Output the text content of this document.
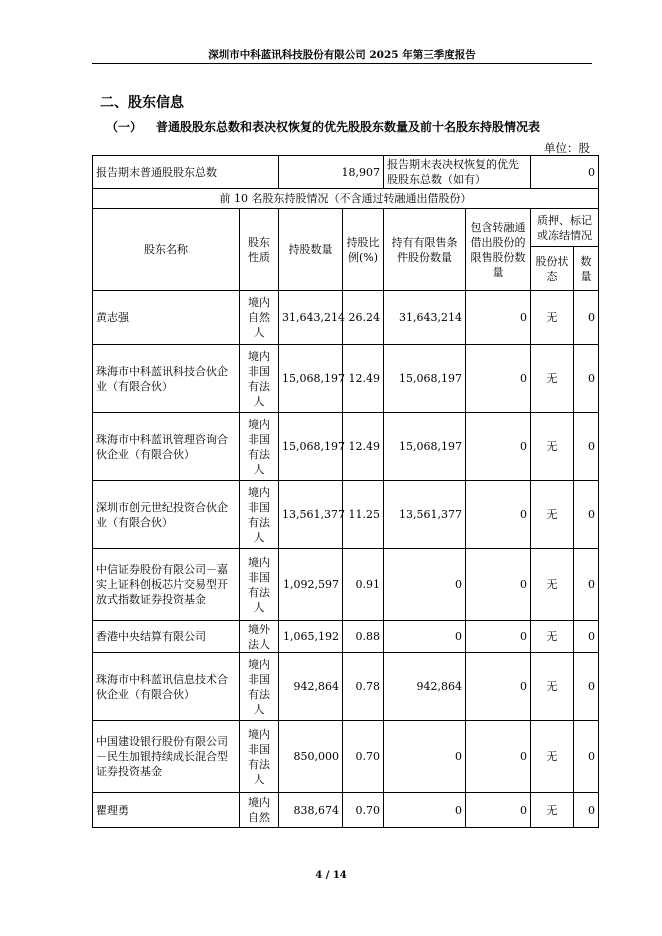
深圳市中科蓝讯科技股份有限公司 2025 年第三季度报告
二、股东信息
（一） 普通股股东总数和表决权恢复的优先股股东数量及前十名股东持股情况表
单位：股
报告期末普通股股东总数		18,907		报告期末表决权恢复的优先股股东总数（如有）		0	
前 10 名股东持股情况（不含通过转融通出借股份）							
股东名称	股东性质	持股数量	持股比例(%)	持有有限售条件股份数量	包含转融通借出股份的限售股份数量	质押、标记或冻结情况	
						股份状态	数量
黄志强	境内自然人	31,643,214	26.24	31,643,214	0	无	0
珠海市中科蓝讯科技合伙企业（有限合伙）	境内非国有法人	15,068,197	12.49	15,068,197	0	无	0
珠海市中科蓝讯管理咨询合伙企业（有限合伙）	境内非国有法人	15,068,197	12.49	15,068,197	0	无	0
深圳市创元世纪投资合伙企业（有限合伙）	境内非国有法人	13,561,377	11.25	13,561,377	0	无	0
中信证券股份有限公司－嘉实上证科创板芯片交易型开放式指数证券投资基金	境内非国有法人	1,092,597	0.91	0	0	无	0
香港中央结算有限公司	境外法人	1,065,192	0.88	0	0	无	0
珠海市中科蓝讯信息技术合伙企业（有限合伙）	境内非国有法人	942,864	0.78	942,864	0	无	0
中国建设银行股份有限公司－民生加银持续成长混合型证券投资基金	境内非国有法人	850,000	0.70	0	0	无	0
瞿理勇	境内自然	838,674	0.70	0	0	无	0
4 / 14
